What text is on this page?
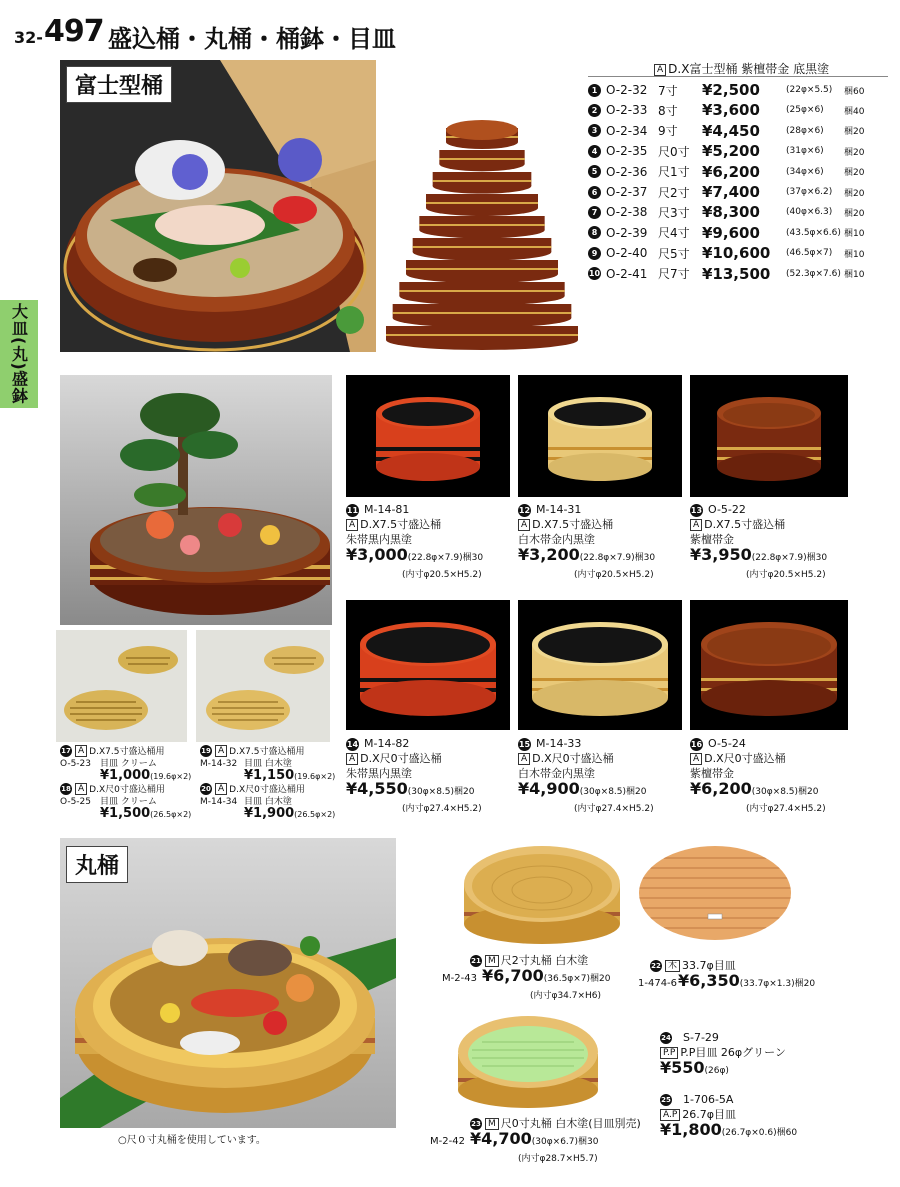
32- 497 盛込桶・丸桶・桶鉢・目皿
大皿(丸)盛鉢
富士型桶
A D.X富士型桶 紫檀帯金 底黒塗
1 O-2-32 7寸	¥2,500	(22φ×5.5)	梱60
2 O-2-33 8寸	¥3,600	(25φ×6)	梱40
3 O-2-34 9寸	¥4,450	(28φ×6)	梱20
4 O-2-35 尺0寸 ¥5,200	(31φ×6)	梱20
5 O-2-36 尺1寸 ¥6,200	(34φ×6)	梱20
6 O-2-37 尺2寸 ¥7,400	(37φ×6.2)	梱20
7 O-2-38 尺3寸 ¥8,300	(40φ×6.3)	梱20
8 O-2-39 尺4寸 ¥9,600	(43.5φ×6.6) 梱10
9 O-2-40 尺5寸 ¥10,600	(46.5φ×7)	梱10
10 O-2-41 尺7寸 ¥13,500	(52.3φ×7.6) 梱10
17 A D.X7.5寸盛込桶用
O-5-23 目皿 クリーム
¥1,000(19.6φ×2)
18 A D.X尺0寸盛込桶用
O-5-25 目皿 クリーム
¥1,500(26.5φ×2)
19 A D.X7.5寸盛込桶用
M-14-32 目皿 白木塗
¥1,150(19.6φ×2)
20 A D.X尺0寸盛込桶用
M-14-34 目皿 白木塗
¥1,900(26.5φ×2)
11 M-14-81
A D.X7.5寸盛込桶
朱帯黒内黒塗
¥3,000(22.8φ×7.9)梱30
(内寸φ20.5×H5.2)
12 M-14-31
A D.X7.5寸盛込桶
白木帯金内黒塗
¥3,200(22.8φ×7.9)梱30
(内寸φ20.5×H5.2)
13 O-5-22
A D.X7.5寸盛込桶
紫檀帯金
¥3,950(22.8φ×7.9)梱30
(内寸φ20.5×H5.2)
14 M-14-82
A D.X尺0寸盛込桶
朱帯黒内黒塗
¥4,550(30φ×8.5)梱20
(内寸φ27.4×H5.2)
15 M-14-33
A D.X尺0寸盛込桶
白木帯金内黒塗
¥4,900(30φ×8.5)梱20
(内寸φ27.4×H5.2)
16 O-5-24
A D.X尺0寸盛込桶
紫檀帯金
¥6,200(30φ×8.5)梱20
(内寸φ27.4×H5.2)
丸桶
○尺０寸丸桶を使用しています。
21 M 尺2寸丸桶 白木塗
M-2-43 ¥6,700(36.5φ×7)梱20
(内寸φ34.7×H6)
22 木 33.7φ目皿
1-474-6¥6,350(33.7φ×1.3)梱20
23 M 尺0寸丸桶 白木塗(目皿別売)
M-2-42 ¥4,700(30φ×6.7)梱30
(内寸φ28.7×H5.7)
24 S-7-29
P.P P.P目皿 26φグリーン
¥550(26φ)
25 1-706-5A
A.P 26.7φ目皿
¥1,800(26.7φ×0.6)梱60
